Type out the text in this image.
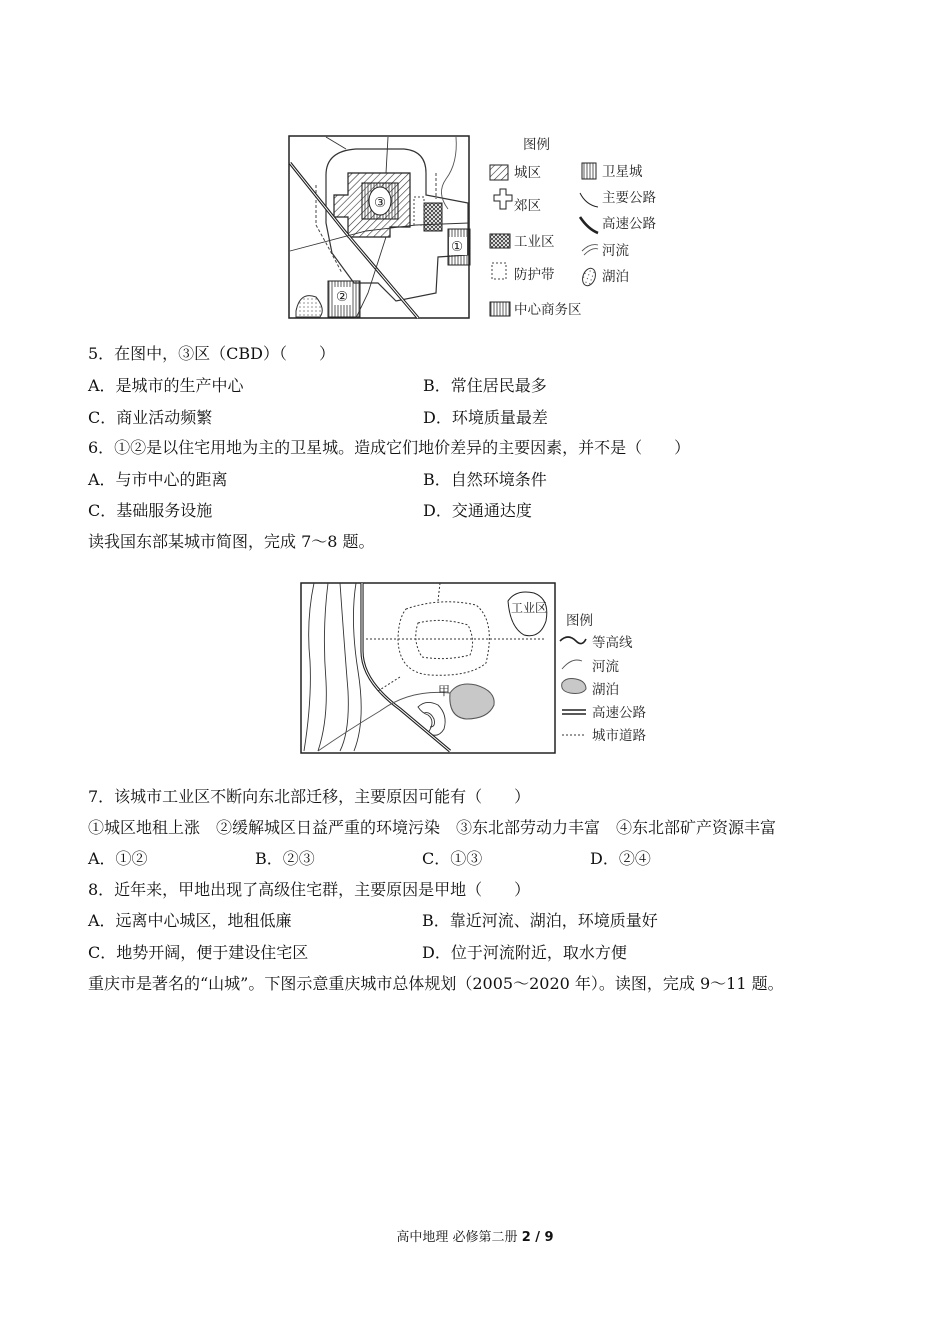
③
①
②
图例
城区
郊区
工业区
防护带
中心商务区
卫星城
主要公路
高速公路
河流
湖泊
5．在图中，③区（CBD）（　　）
A．是城市的生产中心	B．常住居民最多
C．商业活动频繁	D．环境质量最差
6．①②是以住宅用地为主的卫星城。造成它们地价差异的主要因素，并不是（　　）
A．与市中心的距离	B．自然环境条件
C．基础服务设施	D．交通通达度
读我国东部某城市简图，完成 7～8 题。
工业区
甲
图例
等高线
河流
湖泊
高速公路
城市道路
7．该城市工业区不断向东北部迁移，主要原因可能有（　　）
①城区地租上涨　②缓解城区日益严重的环境污染　③东北部劳动力丰富　④东北部矿产资源丰富
A．①②	B．②③	C．①③	D．②④
8．近年来，甲地出现了高级住宅群，主要原因是甲地（　　）
A．远离中心城区，地租低廉	B．靠近河流、湖泊，环境质量好
C．地势开阔，便于建设住宅区	D．位于河流附近，取水方便
重庆市是著名的“山城”。下图示意重庆城市总体规划（2005～2020 年）。读图，完成 9～11 题。
高中地理 必修第二册 2 / 9
